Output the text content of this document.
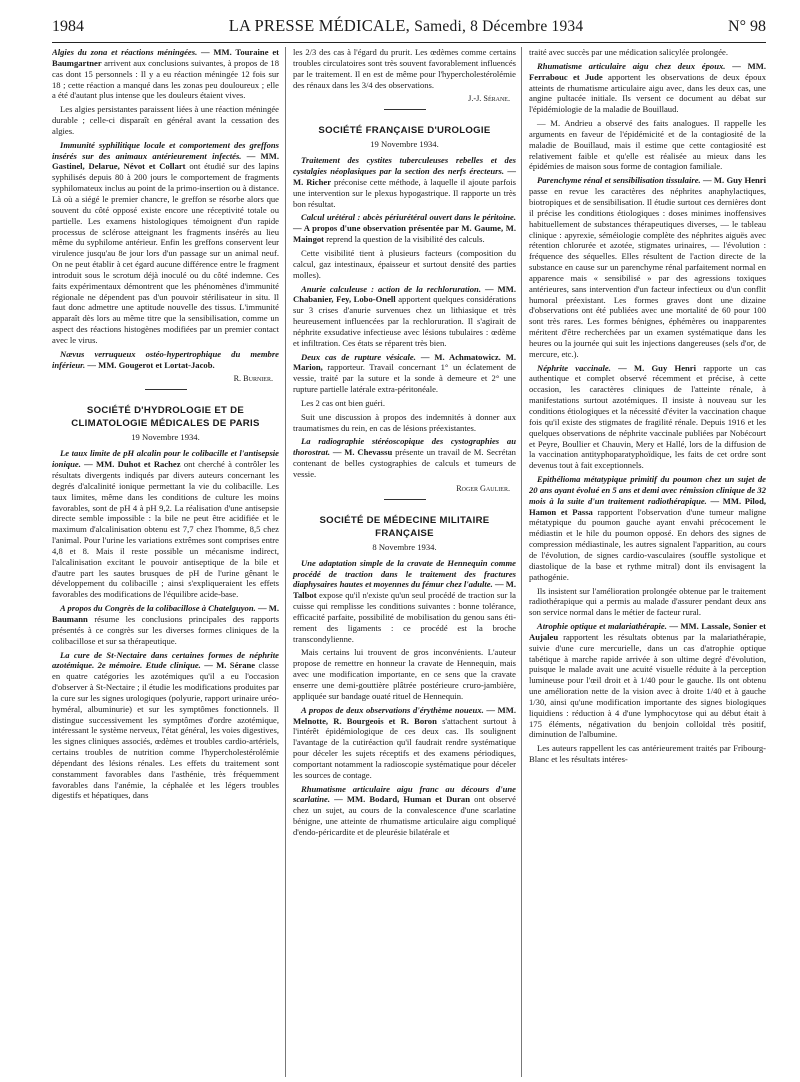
1984	LA PRESSE MÉDICALE, Samedi, 8 Décembre 1934	N° 98

Algies du zona et réactions méningées. — MM. Touraine et Baumgartner arrivent aux conclusions suivantes, à propos de 18 cas dont 15 personnels : Il y a eu réaction méningée 12 fois sur 18 ; cette réaction a manqué dans les zonas peu douloureux ; elle a été d'autant plus intense que les douleurs étaient vives.

Les algies persistantes paraissent liées à une réaction méningée durable ; celle-ci disparaît en général avant la cessation des algies.

Immunité syphilitique locale et comportement des greffons insérés sur des animaux antérieurement infectés. — MM. Gastinel, Delarue, Névot et Collart ont étudié sur des lapins syphilisés depuis 80 à 200 jours le comportement de fragments syphilomateux inclus au point de la primo-insertion ou à distance. Là où a siégé le premier chancre, le greffon se résorbe alors que souvent du côté opposé existe encore une réceptivité totale ou partielle. Les examens histologiques témoignent d'un rapide processus de sclérose atteignant les fragments insérés au lieu même du syphilome antérieur. Enfin les greffons conservent leur virulence jusqu'au 8e jour lors d'un passage sur un animal neuf. On ne peut établir à cet égard aucune différence entre le fragment introduit sous le scrotum déjà inoculé ou du côté indemne. Ces faits expérimentaux démontrent que les phénomènes d'immunité régionale ne dépendent pas d'un pouvoir stérilisateur in situ. Il faut donc admettre une aptitude nouvelle des tissus. L'immunité apparaît dès lors au même titre que la sensibilisation, comme un aspect des réactions histogènes modifiées par un premier contact avec le virus.

Nævus verruqueux ostéo-hypertrophique du membre inférieur. — MM. Gougerot et Lortat-Jacob.

R. Burnier.

SOCIÉTÉ D'HYDROLOGIE ET DE CLIMATOLOGIE MÉDICALES DE PARIS
19 Novembre 1934.

Le taux limite de pH alcalin pour le colibacille et l'antisepsie ionique. — MM. Duhot et Rachez ont cherché à contrôler les résultats divergents indiqués par divers auteurs concernant les degrés d'alcalinité ionique permettant la vie du colibacille. Les taux limites, même dans les conditions de culture les moins favorables, sont de pH 4 à pH 9,2. La réalisation d'une antisepsie directe semble impossible : la bile ne peut être acidifiée et le maximum d'alcalinisation obtenu est 7,7 chez l'homme, 8,5 chez l'animal. Pour l'urine les variations extrêmes sont comprises entre 4,8 et 8. Mais il reste possible un mécanisme indirect, l'alcalinisation excitant le pouvoir antiseptique de la bile et d'autre part les sautes brusques de pH de l'urine gênant le développement du colibacille ; ainsi s'expliqueraient les effets favorables des modifications de l'équilibre acide-base.

A propos du Congrès de la colibacillose à Chatelguyon. — M. Baumann résume les conclusions principales des rapports présentés à ce congrès sur les diverses formes cliniques de la colibacillose et sur sa thérapeutique.

La cure de St-Nectaire dans certaines formes de néphrite azotémique. 2e mémoire. Etude clinique. — M. Sérane classe en quatre catégories les azotémiques qu'il a eu l'occasion d'observer à St-Nectaire ; il étudie les modifications produites par la cure sur les signes urologiques (polyurie, rapport urinaire uréo-hyméral, albuminurie) et sur les symptômes fonctionnels. Il distingue successivement les symptômes d'ordre azotémique, intéressant le système nerveux, l'état général, les voies digestives, les signes cliniques associés, œdèmes et troubles cardio-artériels, certains troubles de nutrition comme l'hypercholestérolémie dépendant des lésions rénales. Les effets du traitement sont constamment favorables dans l'asthénie, très fréquemment favorables dans l'anémie, la céphalée et les légers troubles digestifs et hépatiques, dans

les 2/3 des cas à l'égard du prurit. Les œdèmes comme certains troubles circulatoires sont très souvent favorablement influencés par le traitement. Il en est de même pour l'hypercholestérolémie des rénaux dans les 3/4 des observations.

J.-J. Sérane.

SOCIÉTÉ FRANÇAISE D'UROLOGIE
19 Novembre 1934.

Traitement des cystites tuberculeuses rebelles et des cystalgies néoplasiques par la section des nerfs érecteurs. — M. Richer préconise cette méthode, à laquelle il ajoute parfois une intervention sur le plexus hypogastrique. Il rapporte un très bon résultat.

Calcul urétéral : abcès périurétéral ouvert dans le péritoine. — A propos d'une observation présentée par M. Gaume, M. Maingot reprend la question de la visibilité des calculs.

Cette visibilité tient à plusieurs facteurs (composition du calcul, gaz intestinaux, épaisseur et surtout densité des parties molles).

Anurie calculeuse : action de la rechloruration. — MM. Chabanier, Fey, Lobo-Onell apportent quelques considérations sur 3 crises d'anurie survenues chez un lithiasique et très heureusement influencées par la rechloruration. Il s'agirait de néphrite exsudative infectieuse avec lésions tubulaires : œdème et infiltration. Ces états se réparent très bien.

Deux cas de rupture vésicale. — M. Achmatowicz. M. Marion, rapporteur. Travail concernant 1° un éclatement de vessie, traité par la suture et la sonde à demeure et 2° une rupture partielle latérale extra-péritonéale.

Les 2 cas ont bien guéri.

Suit une discussion à propos des indemnités à donner aux traumatismes du rein, en cas de lésions préexistantes.

La radiographie stéréoscopique des cystographies au thorostrat. — M. Chevassu présente un travail de M. Secrétan contenant de belles cystographies de calculs et tumeurs de vessie.

Roger Gaulier.

SOCIÉTÉ DE MÉDECINE MILITAIRE FRANÇAISE
8 Novembre 1934.

Une adaptation simple de la cravate de Hennequin comme procédé de traction dans le traitement des fractures diaphysaires hautes et moyennes du fémur chez l'adulte. — M. Talbot expose qu'il n'existe qu'un seul procédé de traction sur la cuisse qui remplisse les conditions suivantes : bonne tolérance, efficacité parfaite, possibilité de mobilisation du genou sans éti-rement des ligaments : ce procédé est la broche transcondylienne.

Mais certains lui trouvent de gros inconvénients. L'auteur propose de remettre en honneur la cravate de Hennequin, mais avec une modification importante, en ce sens que la cravate enserre une demi-gouttière plâtrée postérieure cruro-jambière, appliquée sur bandage ouaté rituel de Hennequin.

A propos de deux observations d'érythème noueux. — MM. Melnotte, R. Bourgeois et R. Boron s'attachent surtout à l'intérêt épidémiologique de ces deux cas. Ils soulignent l'avantage de la cutiréaction qu'il faudrait rendre systématique pour déceler les sujets réceptifs et des examens périodiques, comportant notamment la radioscopie systématique pour déceler les sources de contage.

Rhumatisme articulaire aigu franc au décours d'une scarlatine. — MM. Bodard, Human et Duran ont observé chez un sujet, au cours de la convalescence d'une scarlatine bénigne, une atteinte de rhumatisme articulaire aigu compliqué d'endo-péricardite et de pleurésie bilatérale et

traité avec succès par une médication salicylée prolongée.

Rhumatisme articulaire aigu chez deux époux. — MM. Ferrabouc et Jude apportent les observations de deux époux atteints de rhumatisme articulaire aigu avec, dans les deux cas, une angine pultacée initiale. Ils versent ce document au débat sur l'épidémiologie de la maladie de Bouillaud.

— M. Andrieu a observé des faits analogues. Il rappelle les arguments en faveur de l'épidémicité et de la contagiosité de la maladie de Bouillaud, mais il estime que cette contagiosité est relativement faible et qu'elle est réalisée au mieux dans les épidémies de maison sous forme de contagion familiale.

Parenchyme rénal et sensibilisation tissulaire. — M. Guy Henri passe en revue les caractères des néphrites anaphylactiques, biotropiques et de sensibilisation. Il étudie surtout ces dernières dont il précise les conditions étiologiques : doses minimes inoffensives habituellement de substances thérapeutiques diverses, — le tableau clinique : apyrexie, séméiologie complète des néphrites aiguës avec rétention chlorurée et azotée, stigmates urinaires, — l'évolution : fréquence des séquelles. Elles résultent de l'action directe de la substance en cause sur un parenchyme rénal parfaitement normal en apparence mais « sensibilisé » par des agressions toxiques antérieures, sans intervention d'un facteur infectieux ou d'un conflit humoral préexistant. Les formes graves dont une dizaine d'observations ont été publiées avec une mortalité de 60 pour 100 sont très rares. Les formes bénignes, éphémères ou inapparentes méritent d'être recherchées par un examen systématique dans les heures ou la journée qui suit les injections dangereuses (sels d'or, de mercure, etc.).

Néphrite vaccinale. — M. Guy Henri rapporte un cas authentique et complet observé récemment et précise, à cette occasion, les caractères cliniques de l'atteinte rénale, à manifestations surtout azotémiques. Il insiste à nouveau sur les conditions étiologiques et la nécessité d'éviter la vaccination chaque fois qu'il existe des stigmates de fragilité rénale. Depuis 1916 et les quelques observations de néphrite vaccinale publiées par Nobécourt et Peyre, Boullier et Chauvin, Mery et Hallé, lors de la diffusion de la vaccination antityphoparatyphoïdique, les faits de cet ordre sont devenus tout à fait exceptionnels.

Epithélioma métatypique primitif du poumon chez un sujet de 20 ans ayant évolué en 5 ans et demi avec rémission clinique de 32 mois à la suite d'un traitement radiothérapique. — MM. Pilod, Hamon et Passa rapportent l'observation d'une tumeur maligne métatypique du poumon gauche ayant envahi précocement le médiastin et le hile du poumon opposé. En dehors des signes de compression médiastinale, les autres signalent l'apparition, au cours de l'évolution, de signes cardio-vasculaires (souffle systolique et diastolique de la base et rythme mitral) dont ils envisagent la pathogénie.

Ils insistent sur l'amélioration prolongée obtenue par le traitement radiothérapique qui a permis au malade d'assurer pendant deux ans son service normal dans le métier de facteur rural.

Atrophie optique et malariathérapie. — MM. Lassale, Sonier et Aujaleu rapportent les résultats obtenus par la malariathérapie, suivie d'une cure mercurielle, dans un cas d'atrophie optique tabétique à marche rapide arrivée à son ultime degré d'évolution, puisque le malade avait une acuité visuelle réduite à la perception lumineuse pour l'œil droit et à 1/40 pour le gauche. Ils ont obtenu une amélioration nette de la vision avec à droite 1/40 et à gauche 1/30, ainsi qu'une modification importante des signes biologiques liquidiens : réduction à 4 d'une lymphocytose qui au début était à 175 éléments, négativation du benjoin colloïdal très positif, diminution de l'albumine.

Les auteurs rappellent les cas antérieurement traités par Fribourg-Blanc et les résultats intéres-
